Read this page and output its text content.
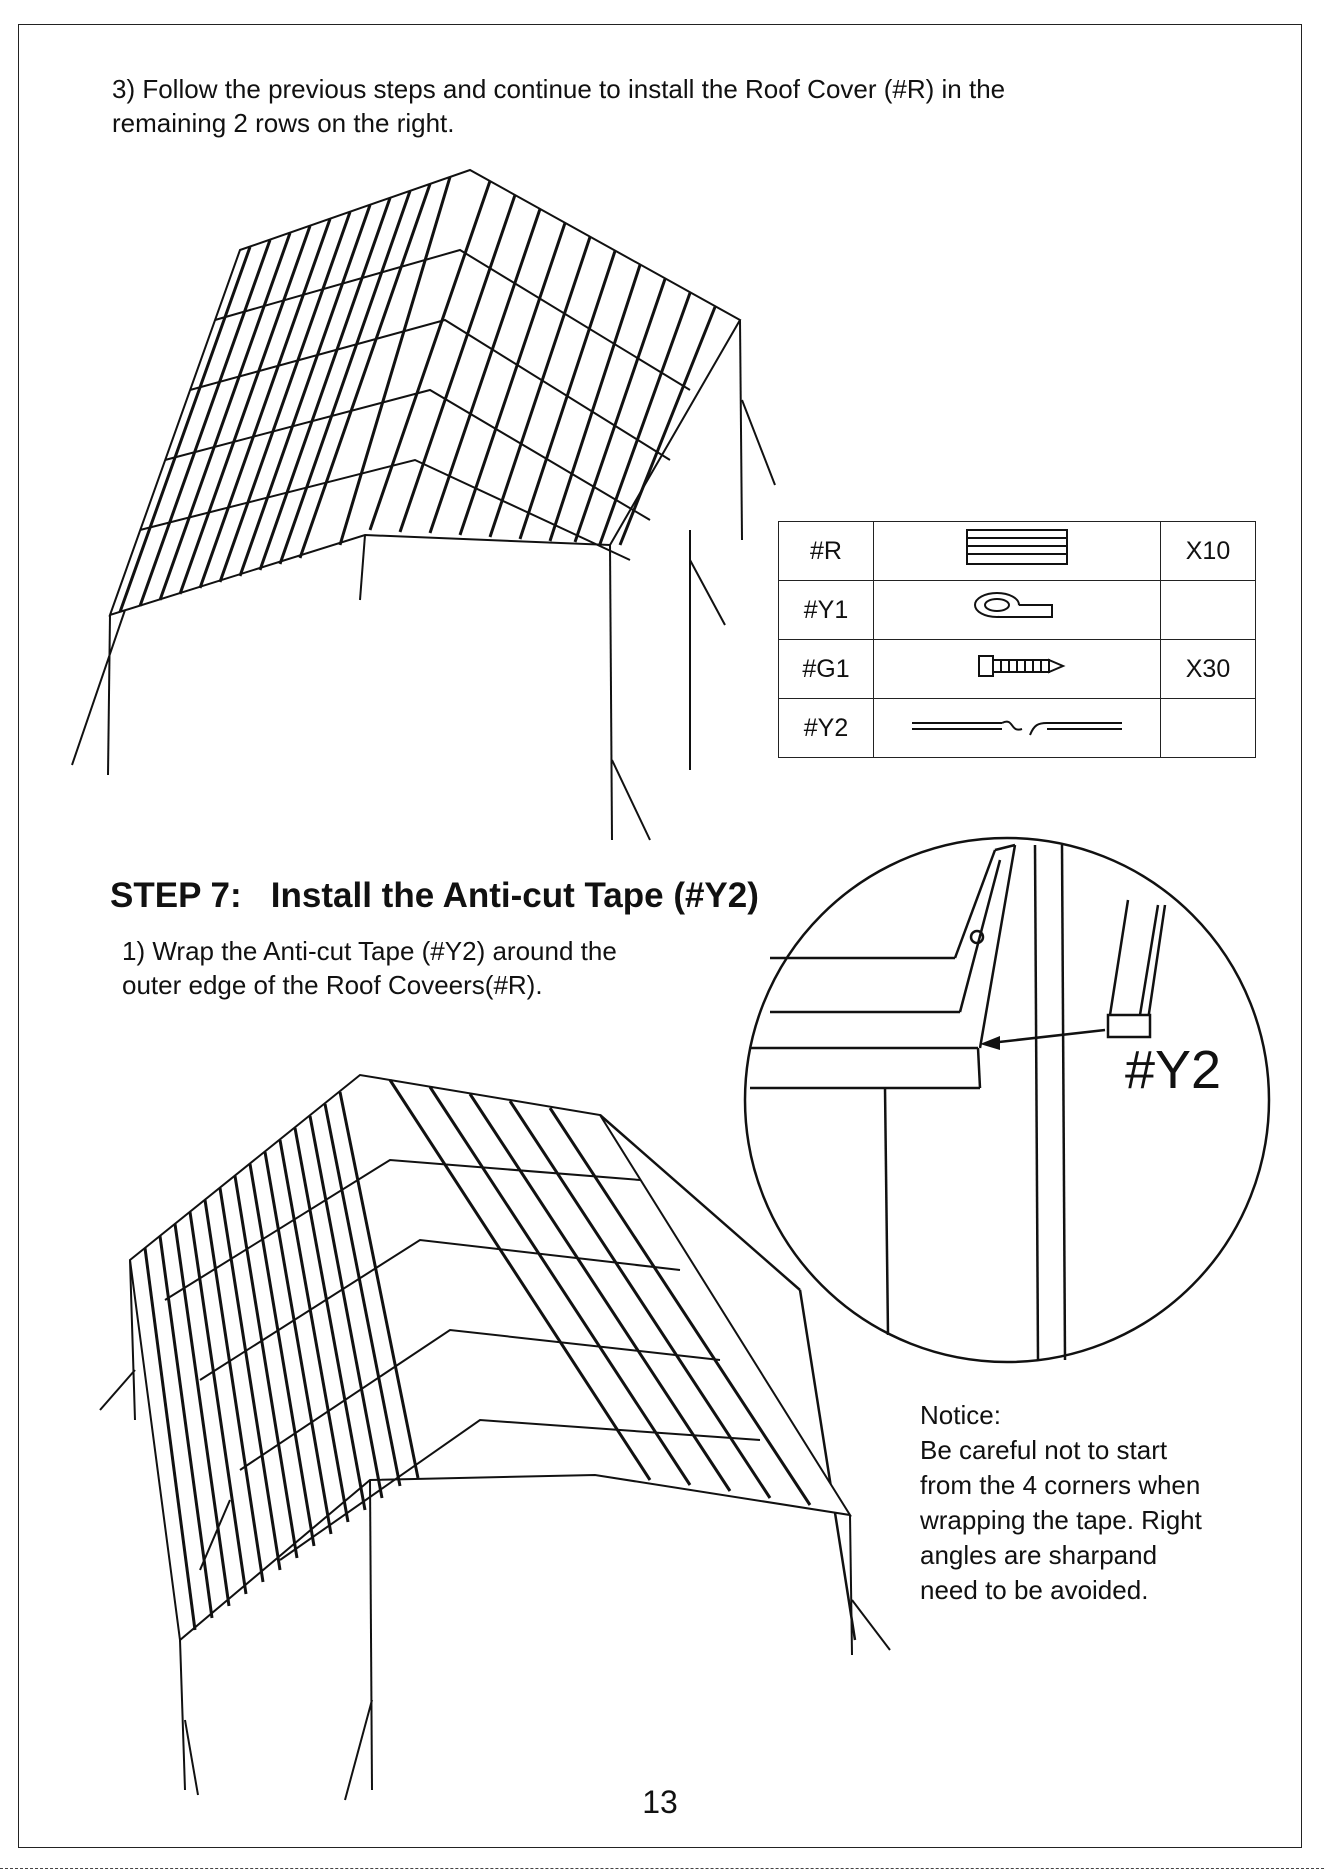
3) Follow the previous steps and continue to install the Roof Cover (#R) in the

remaining 2 rows on the right.

#R		X10
#Y1		
#G1		X30
#Y2		
STEP 7:   Install the Anti-cut Tape (#Y2)

1) Wrap the Anti-cut Tape (#Y2) around the

outer edge of the Roof Coveers(#R).

#Y2

Notice:

Be careful not to start

from the 4 corners when

wrapping the tape. Right

angles are sharpand

need to be avoided.

13
